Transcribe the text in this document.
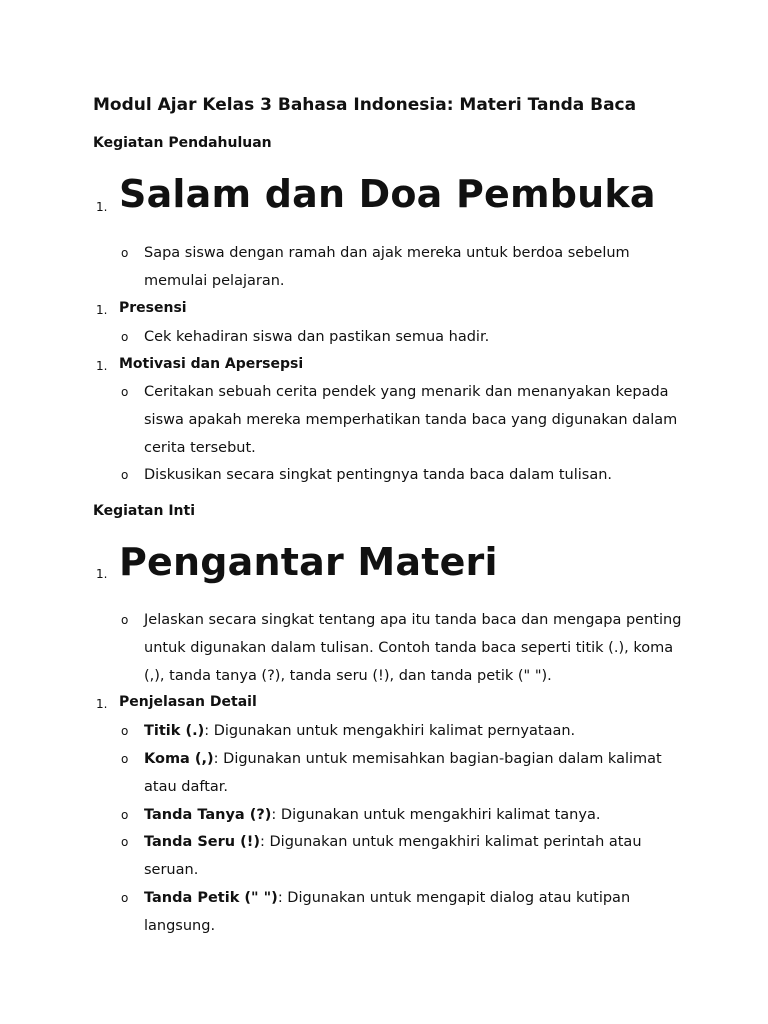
Modul Ajar Kelas 3 Bahasa Indonesia: Materi Tanda Baca
Kegiatan Pendahuluan
1. Salam dan Doa Pembuka
o Sapa siswa dengan ramah dan ajak mereka untuk berdoa sebelum
memulai pelajaran.
1. Presensi
o Cek kehadiran siswa dan pastikan semua hadir.
1. Motivasi dan Apersepsi
o Ceritakan sebuah cerita pendek yang menarik dan menanyakan kepada
siswa apakah mereka memperhatikan tanda baca yang digunakan dalam
cerita tersebut.
o Diskusikan secara singkat pentingnya tanda baca dalam tulisan.
Kegiatan Inti
1. Pengantar Materi
o Jelaskan secara singkat tentang apa itu tanda baca dan mengapa penting
untuk digunakan dalam tulisan. Contoh tanda baca seperti titik (.), koma
(,), tanda tanya (?), tanda seru (!), dan tanda petik (" ").
1. Penjelasan Detail
o Titik (.): Digunakan untuk mengakhiri kalimat pernyataan.
o Koma (,): Digunakan untuk memisahkan bagian-bagian dalam kalimat
atau daftar.
o Tanda Tanya (?): Digunakan untuk mengakhiri kalimat tanya.
o Tanda Seru (!): Digunakan untuk mengakhiri kalimat perintah atau
seruan.
o Tanda Petik (" "): Digunakan untuk mengapit dialog atau kutipan
langsung.
